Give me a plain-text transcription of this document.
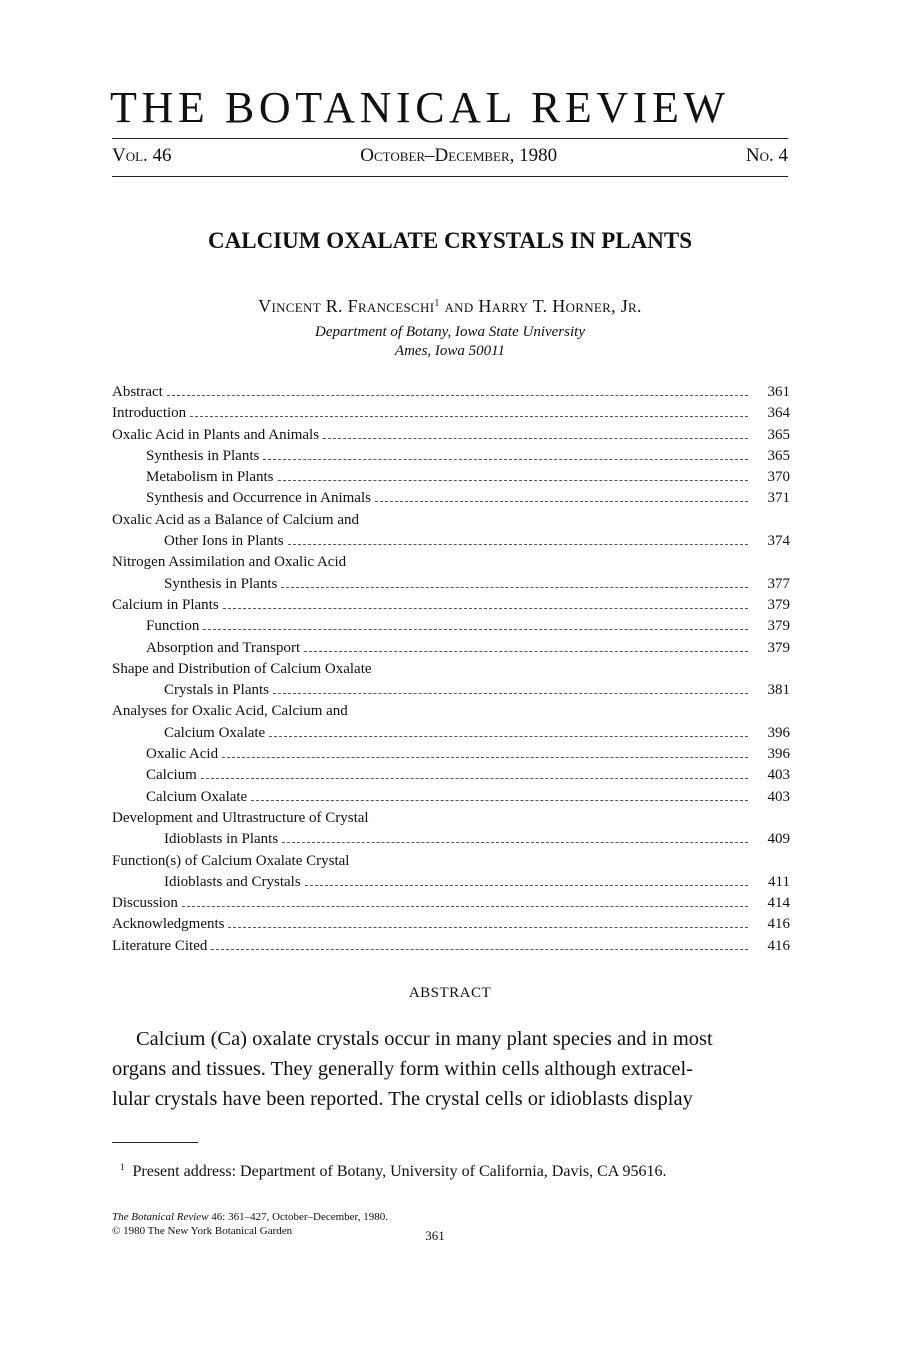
THE BOTANICAL REVIEW
Vol. 46	October–December, 1980	No. 4
CALCIUM OXALATE CRYSTALS IN PLANTS
Vincent R. Franceschi$^1$ and Harry T. Horner, Jr.
Department of Botany, Iowa State University
Ames, Iowa 50011
Abstract	361
Introduction	364
Oxalic Acid in Plants and Animals	365
Synthesis in Plants	365
Metabolism in Plants	370
Synthesis and Occurrence in Animals	371
Oxalic Acid as a Balance of Calcium and
Other Ions in Plants	374
Nitrogen Assimilation and Oxalic Acid
Synthesis in Plants	377
Calcium in Plants	379
Function	379
Absorption and Transport	379
Shape and Distribution of Calcium Oxalate
Crystals in Plants	381
Analyses for Oxalic Acid, Calcium and
Calcium Oxalate	396
Oxalic Acid	396
Calcium	403
Calcium Oxalate	403
Development and Ultrastructure of Crystal
Idioblasts in Plants	409
Function(s) of Calcium Oxalate Crystal
Idioblasts and Crystals	411
Discussion	414
Acknowledgments	416
Literature Cited	416
ABSTRACT
Calcium (Ca) oxalate crystals occur in many plant species and in most
organs and tissues. They generally form within cells although extracel-
lular crystals have been reported. The crystal cells or idioblasts display
$^1$ Present address: Department of Botany, University of California, Davis, CA 95616.
The Botanical Review 46: 361–427, October–December, 1980.
© 1980 The New York Botanical Garden	361
